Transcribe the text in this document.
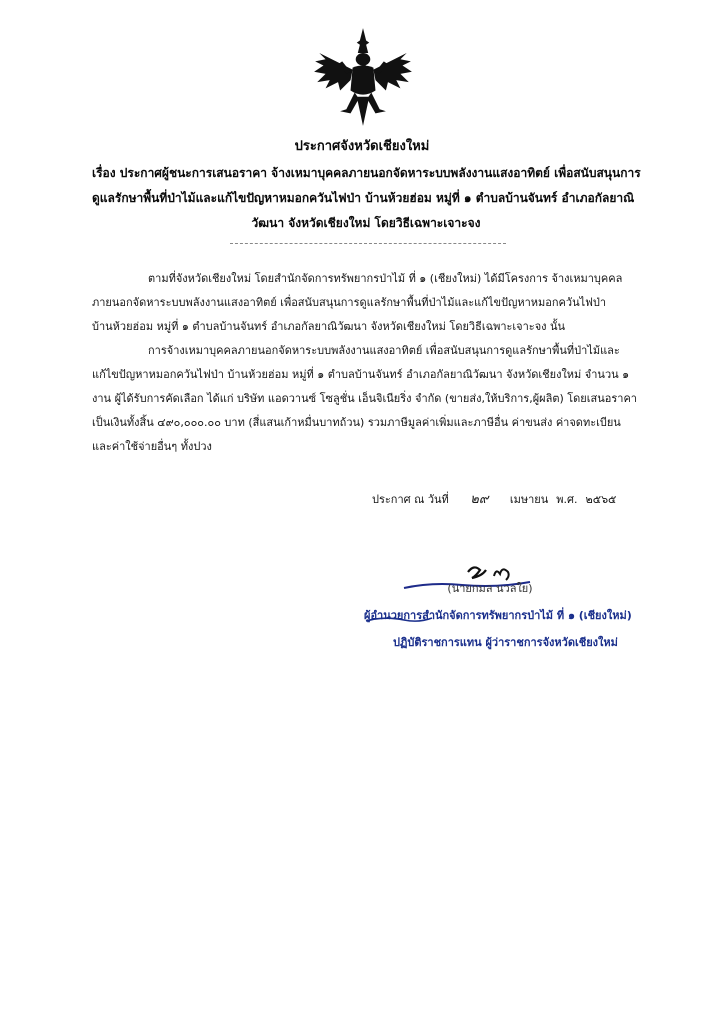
ประกาศจังหวัดเชียงใหม่
เรื่อง ประกาศผู้ชนะการเสนอราคา จ้างเหมาบุคคลภายนอกจัดหาระบบพลังงานแสงอาทิตย์ เพื่อสนับสนุนการ
ดูแลรักษาพื้นที่ป่าไม้และแก้ไขปัญหาหมอกควันไฟป่า บ้านห้วยฮ่อม หมู่ที่ ๑ ตำบลบ้านจันทร์ อำเภอกัลยาณิ
วัฒนา จังหวัดเชียงใหม่ โดยวิธีเฉพาะเจาะจง
ตามที่จังหวัดเชียงใหม่ โดยสำนักจัดการทรัพยากรป่าไม้ ที่ ๑ (เชียงใหม่) ได้มีโครงการ จ้างเหมาบุคคล
ภายนอกจัดหาระบบพลังงานแสงอาทิตย์ เพื่อสนับสนุนการดูแลรักษาพื้นที่ป่าไม้และแก้ไขปัญหาหมอกควันไฟป่า
บ้านห้วยฮ่อม หมู่ที่ ๑ ตำบลบ้านจันทร์ อำเภอกัลยาณิวัฒนา จังหวัดเชียงใหม่ โดยวิธีเฉพาะเจาะจง นั้น
การจ้างเหมาบุคคลภายนอกจัดหาระบบพลังงานแสงอาทิตย์ เพื่อสนับสนุนการดูแลรักษาพื้นที่ป่าไม้และ
แก้ไขปัญหาหมอกควันไฟป่า บ้านห้วยฮ่อม หมู่ที่ ๑ ตำบลบ้านจันทร์ อำเภอกัลยาณิวัฒนา จังหวัดเชียงใหม่ จำนวน ๑
งาน ผู้ได้รับการคัดเลือก ได้แก่ บริษัท แอดวานซ์ โซลูชั่น เอ็นจิเนียริ่ง จำกัด (ขายส่ง,ให้บริการ,ผู้ผลิต) โดยเสนอราคา
เป็นเงินทั้งสิ้น ๔๙๐,๐๐๐.๐๐ บาท (สี่แสนเก้าหมื่นบาทถ้วน) รวมภาษีมูลค่าเพิ่มและภาษีอื่น ค่าขนส่ง ค่าจดทะเบียน
และค่าใช้จ่ายอื่นๆ ทั้งปวง
ประกาศ ณ วันที่ ๒๙ เมษายน พ.ศ. ๒๕๖๕
(นายกมล นวลใย)
ผู้อำนวยการสำนักจัดการทรัพยากรป่าไม้ ที่ ๑ (เชียงใหม่)
ปฏิบัติราชการแทน ผู้ว่าราชการจังหวัดเชียงใหม่
